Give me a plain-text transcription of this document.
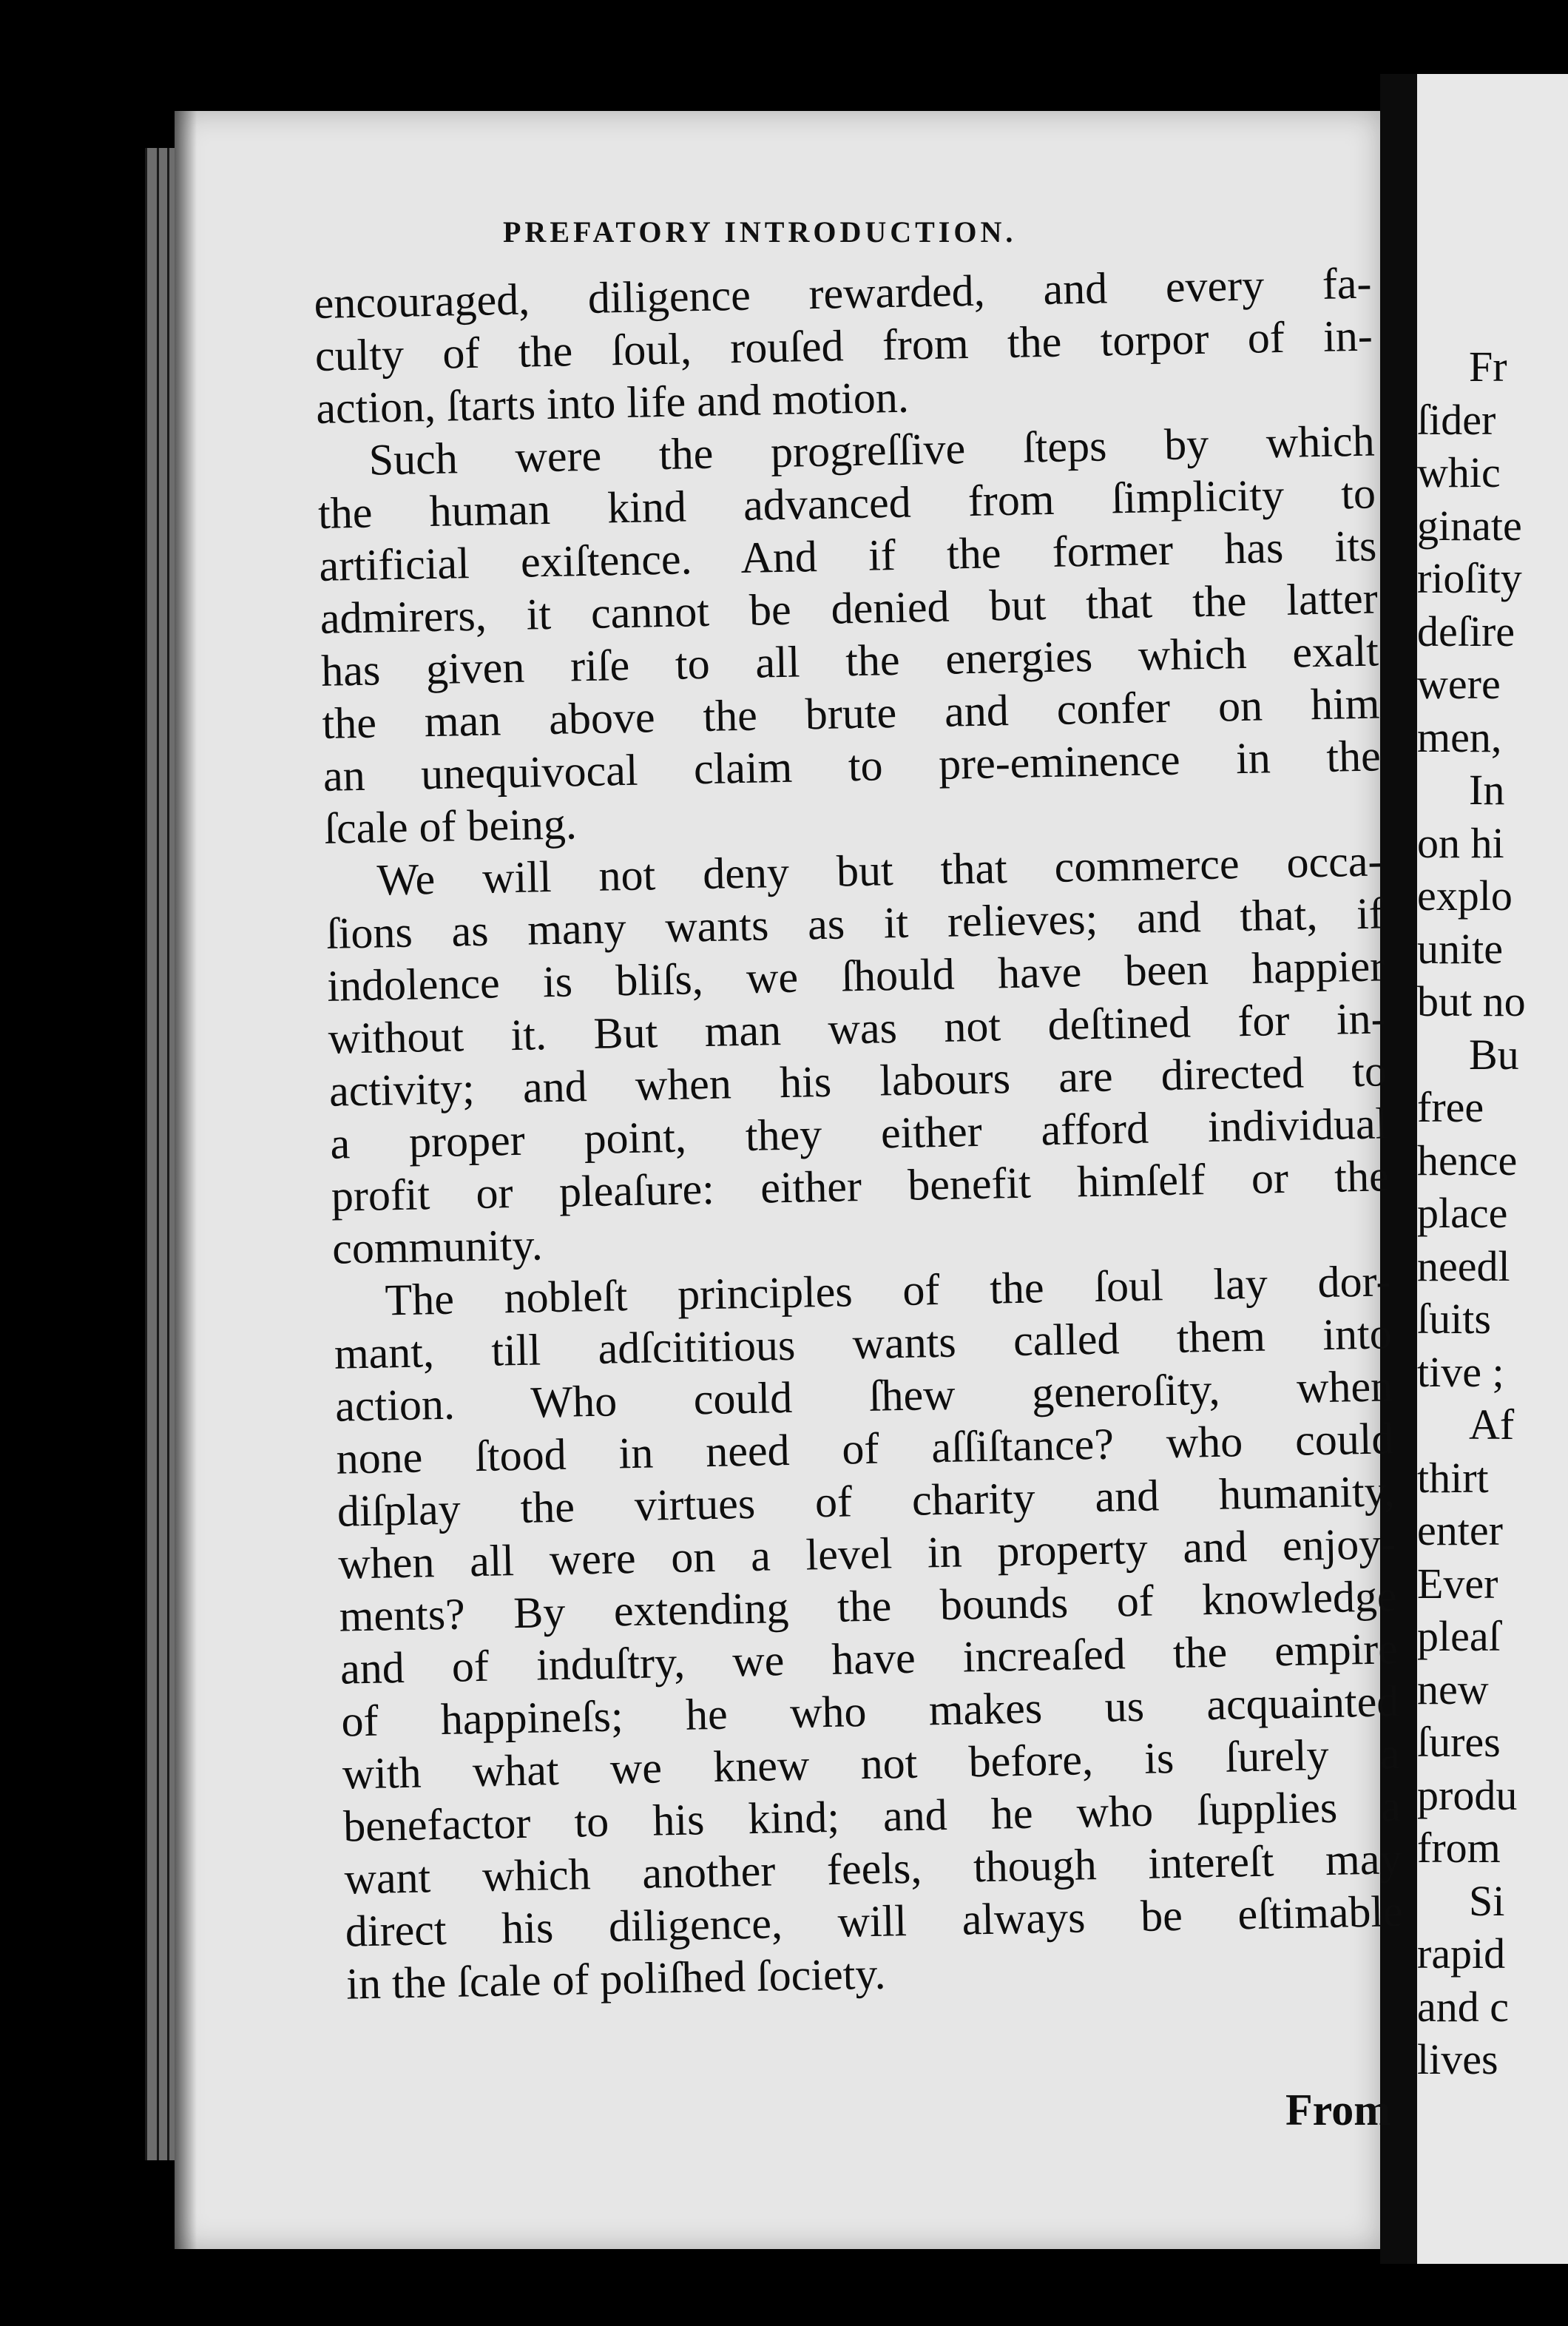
Fr
ſider
whic
ginate
rioſity
deſire
were
men,
In
on hi
explo
unite
but no
Bu
free
hence
place
needl
ſuits
tive ;
Af
thirt
enter
Ever
pleaſ
new
ſures
produ
from
Si
rapid
and c
lives
PREFATORY INTRODUCTION.
encouraged, diligence rewarded, and every fa-
culty of the ſoul, rouſed from the torpor of in-
action, ſtarts into life and motion.
Such were the progreſſive ſteps by which
the human kind advanced from ſimplicity to
artificial exiſtence. And if the former has its
admirers, it cannot be denied but that the latter
has given riſe to all the energies which exalt
the man above the brute and confer on him
an unequivocal claim to pre-eminence in the
ſcale of being.
We will not deny but that commerce occa-
ſions as many wants as it relieves; and that, if
indolence is bliſs, we ſhould have been happier
without it. But man was not deſtined for in-
activity; and when his labours are directed to
a proper point, they either afford individual
profit or pleaſure: either benefit himſelf or the
community.
The nobleſt principles of the ſoul lay dor-
mant, till adſcititious wants called them into
action. Who could ſhew generoſity, when
none ſtood in need of aſſiſtance? who could
diſplay the virtues of charity and humanity,
when all were on a level in property and enjoy-
ments? By extending the bounds of knowledge
and of induſtry, we have increaſed the empire
of happineſs; he who makes us acquainted
with what we knew not before, is ſurely a
benefactor to his kind; and he who ſupplies a
want which another feels, though intereſt may
direct his diligence, will always be eſtimable
in the ſcale of poliſhed ſociety.
From
